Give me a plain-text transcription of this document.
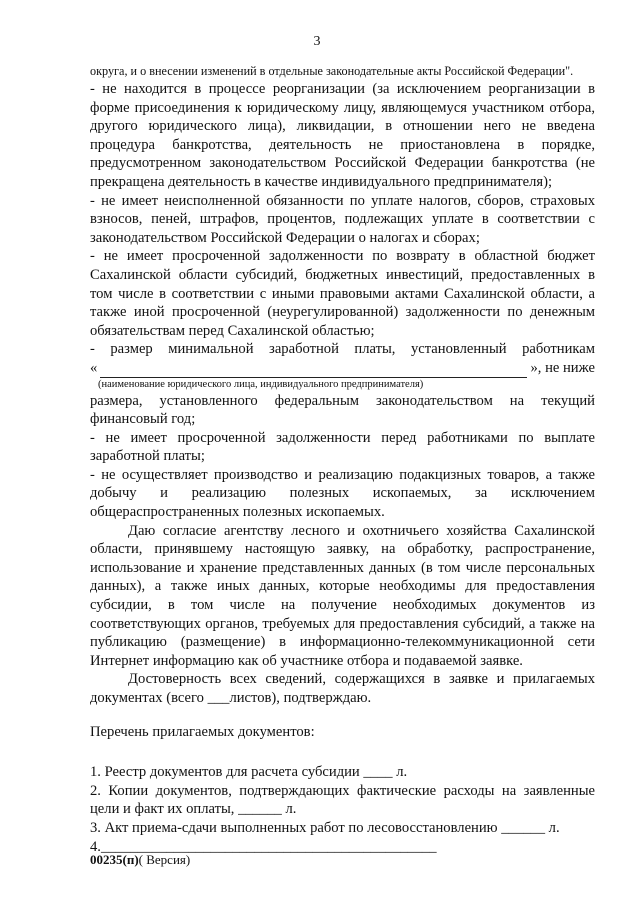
3

округа, и о внесении изменений в отдельные законодательные акты Российской Федерации".

- не находится в процессе реорганизации (за исключением реорганизации в форме присоединения к юридическому лицу, являющемуся участником отбора, другого юридического лица), ликвидации, в отношении него не введена процедура банкротства, деятельность не приостановлена в порядке, предусмотренном законодательством Российской Федерации банкротства (не прекращена деятельность в качестве индивидуального предпринимателя);

- не имеет неисполненной обязанности по уплате налогов, сборов, страховых взносов, пеней, штрафов, процентов, подлежащих уплате в соответствии с законодательством Российской Федерации о налогах и сборах;

- не имеет просроченной задолженности по возврату в областной бюджет Сахалинской области субсидий, бюджетных инвестиций, предоставленных в том числе в соответствии с иными правовыми актами Сахалинской области, а также иной просроченной (неурегулированной) задолженности по денежным обязательствам перед Сахалинской областью;

- размер минимальной заработной платы, установленный работникам

«	», не ниже

(наименование юридического лица, индивидуального предпринимателя)

размера, установленного федеральным законодательством на текущий финансовый год;

- не имеет просроченной задолженности перед работниками по выплате заработной платы;

- не осуществляет производство и реализацию подакцизных товаров, а также добычу и реализацию полезных ископаемых, за исключением общераспространенных полезных ископаемых.

Даю согласие агентству лесного и охотничьего хозяйства Сахалинской области, принявшему настоящую заявку, на обработку, распространение, использование и хранение представленных данных (в том числе персональных данных), а также иных данных, которые необходимы для предоставления субсидии, в том числе на получение необходимых документов из соответствующих органов, требуемых для предоставления субсидий, а также на публикацию (размещение) в информационно-телекоммуникационной сети Интернет информацию как об участнике отбора и подаваемой заявке.

Достоверность всех сведений, содержащихся в заявке и прилагаемых документах (всего ___листов), подтверждаю.

Перечень прилагаемых документов:

1. Реестр документов для расчета субсидии ____ л.

2. Копии документов, подтверждающих фактические расходы на заявленные цели и факт их оплаты, ______ л.

3. Акт приема-сдачи выполненных работ по лесовосстановлению ______ л.

4.______________________________________________

00235(п)( Версия)
